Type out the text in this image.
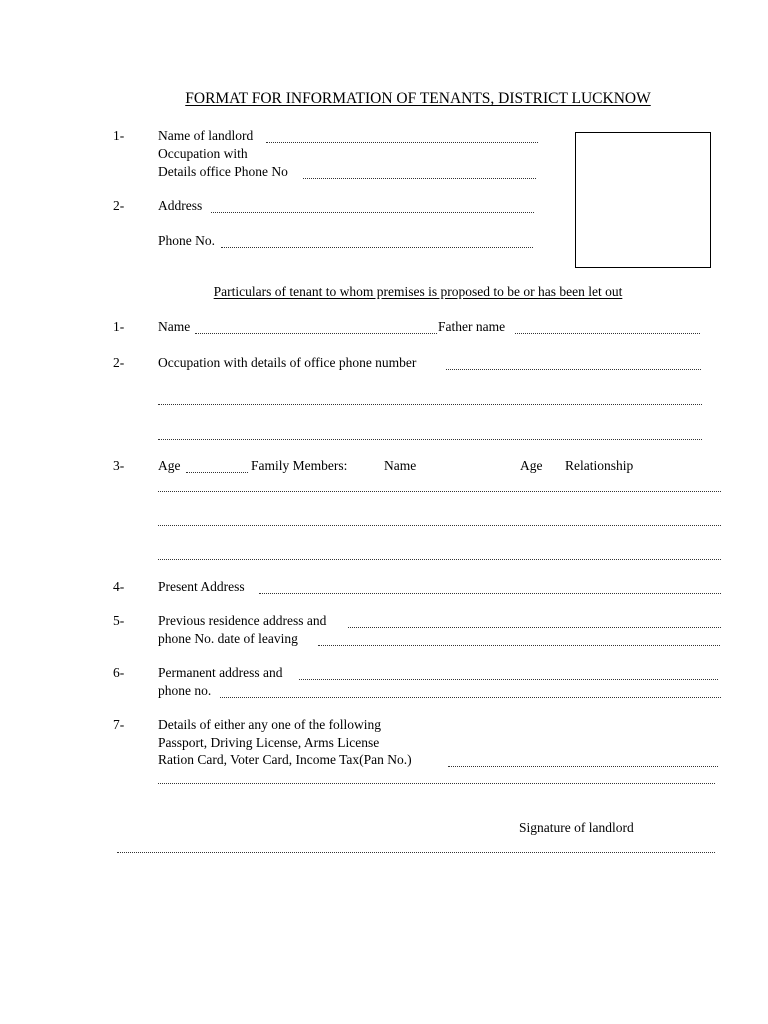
FORMAT FOR INFORMATION OF TENANTS, DISTRICT LUCKNOW
1-	Name of landlord
Occupation with
Details office Phone No
2-	Address
Phone No.
Particulars of tenant to whom premises is proposed to be or has been let out
1-	Name	Father name
2-	Occupation with details of office phone number
3-	Age	Family Members:	Name	Age Relationship
4-	Present Address
5-	Previous residence address and
phone No. date of leaving
6-	Permanent address and
phone no.
7-	Details of either any one of the following
Passport, Driving License, Arms License
Ration Card, Voter Card, Income Tax(Pan No.)
Signature of landlord
